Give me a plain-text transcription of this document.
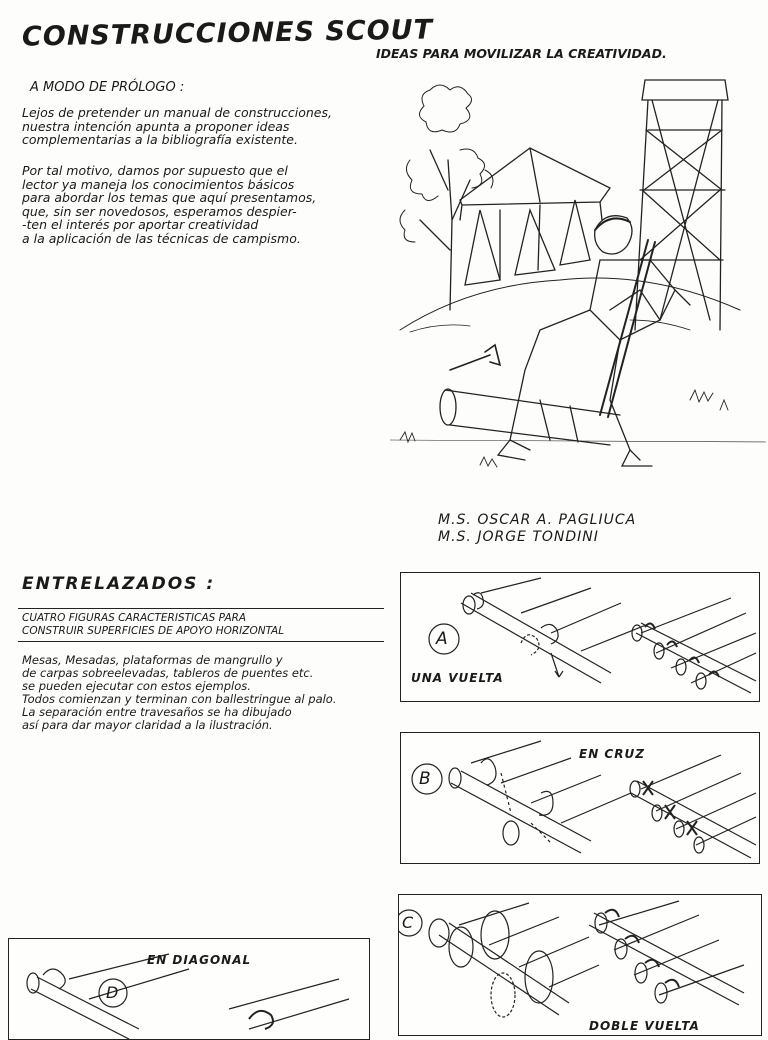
CONSTRUCCIONES SCOUT
IDEAS PARA MOVILIZAR LA CREATIVIDAD.
A MODO DE PRÓLOGO :
Lejos de pretender un manual de construcciones,
nuestra intención apunta a proponer ideas
complementarias a la bibliografía existente.
Por tal motivo, damos por supuesto que el
lector ya maneja los conocimientos básicos
para abordar los temas que aquí presentamos,
que, sin ser novedosos, esperamos despier-
-ten el interés por aportar creatividad
a la aplicación de las técnicas de campismo.
M.S. OSCAR A. PAGLIUCA
M.S. JORGE TONDINI
ENTRELAZADOS :
CUATRO FIGURAS CARACTERISTICAS PARA
CONSTRUIR SUPERFICIES DE APOYO HORIZONTAL
Mesas, Mesadas, plataformas de mangrullo y
de carpas sobreelevadas, tableros de puentes etc.
se pueden ejecutar con estos ejemplos.
Todos comienzan y terminan con ballestringue al palo.
La separación entre travesaños se ha dibujado
así para dar mayor claridad a la ilustración.
A
UNA VUELTA
B
EN CRUZ
C
DOBLE VUELTA
D
EN DIAGONAL
